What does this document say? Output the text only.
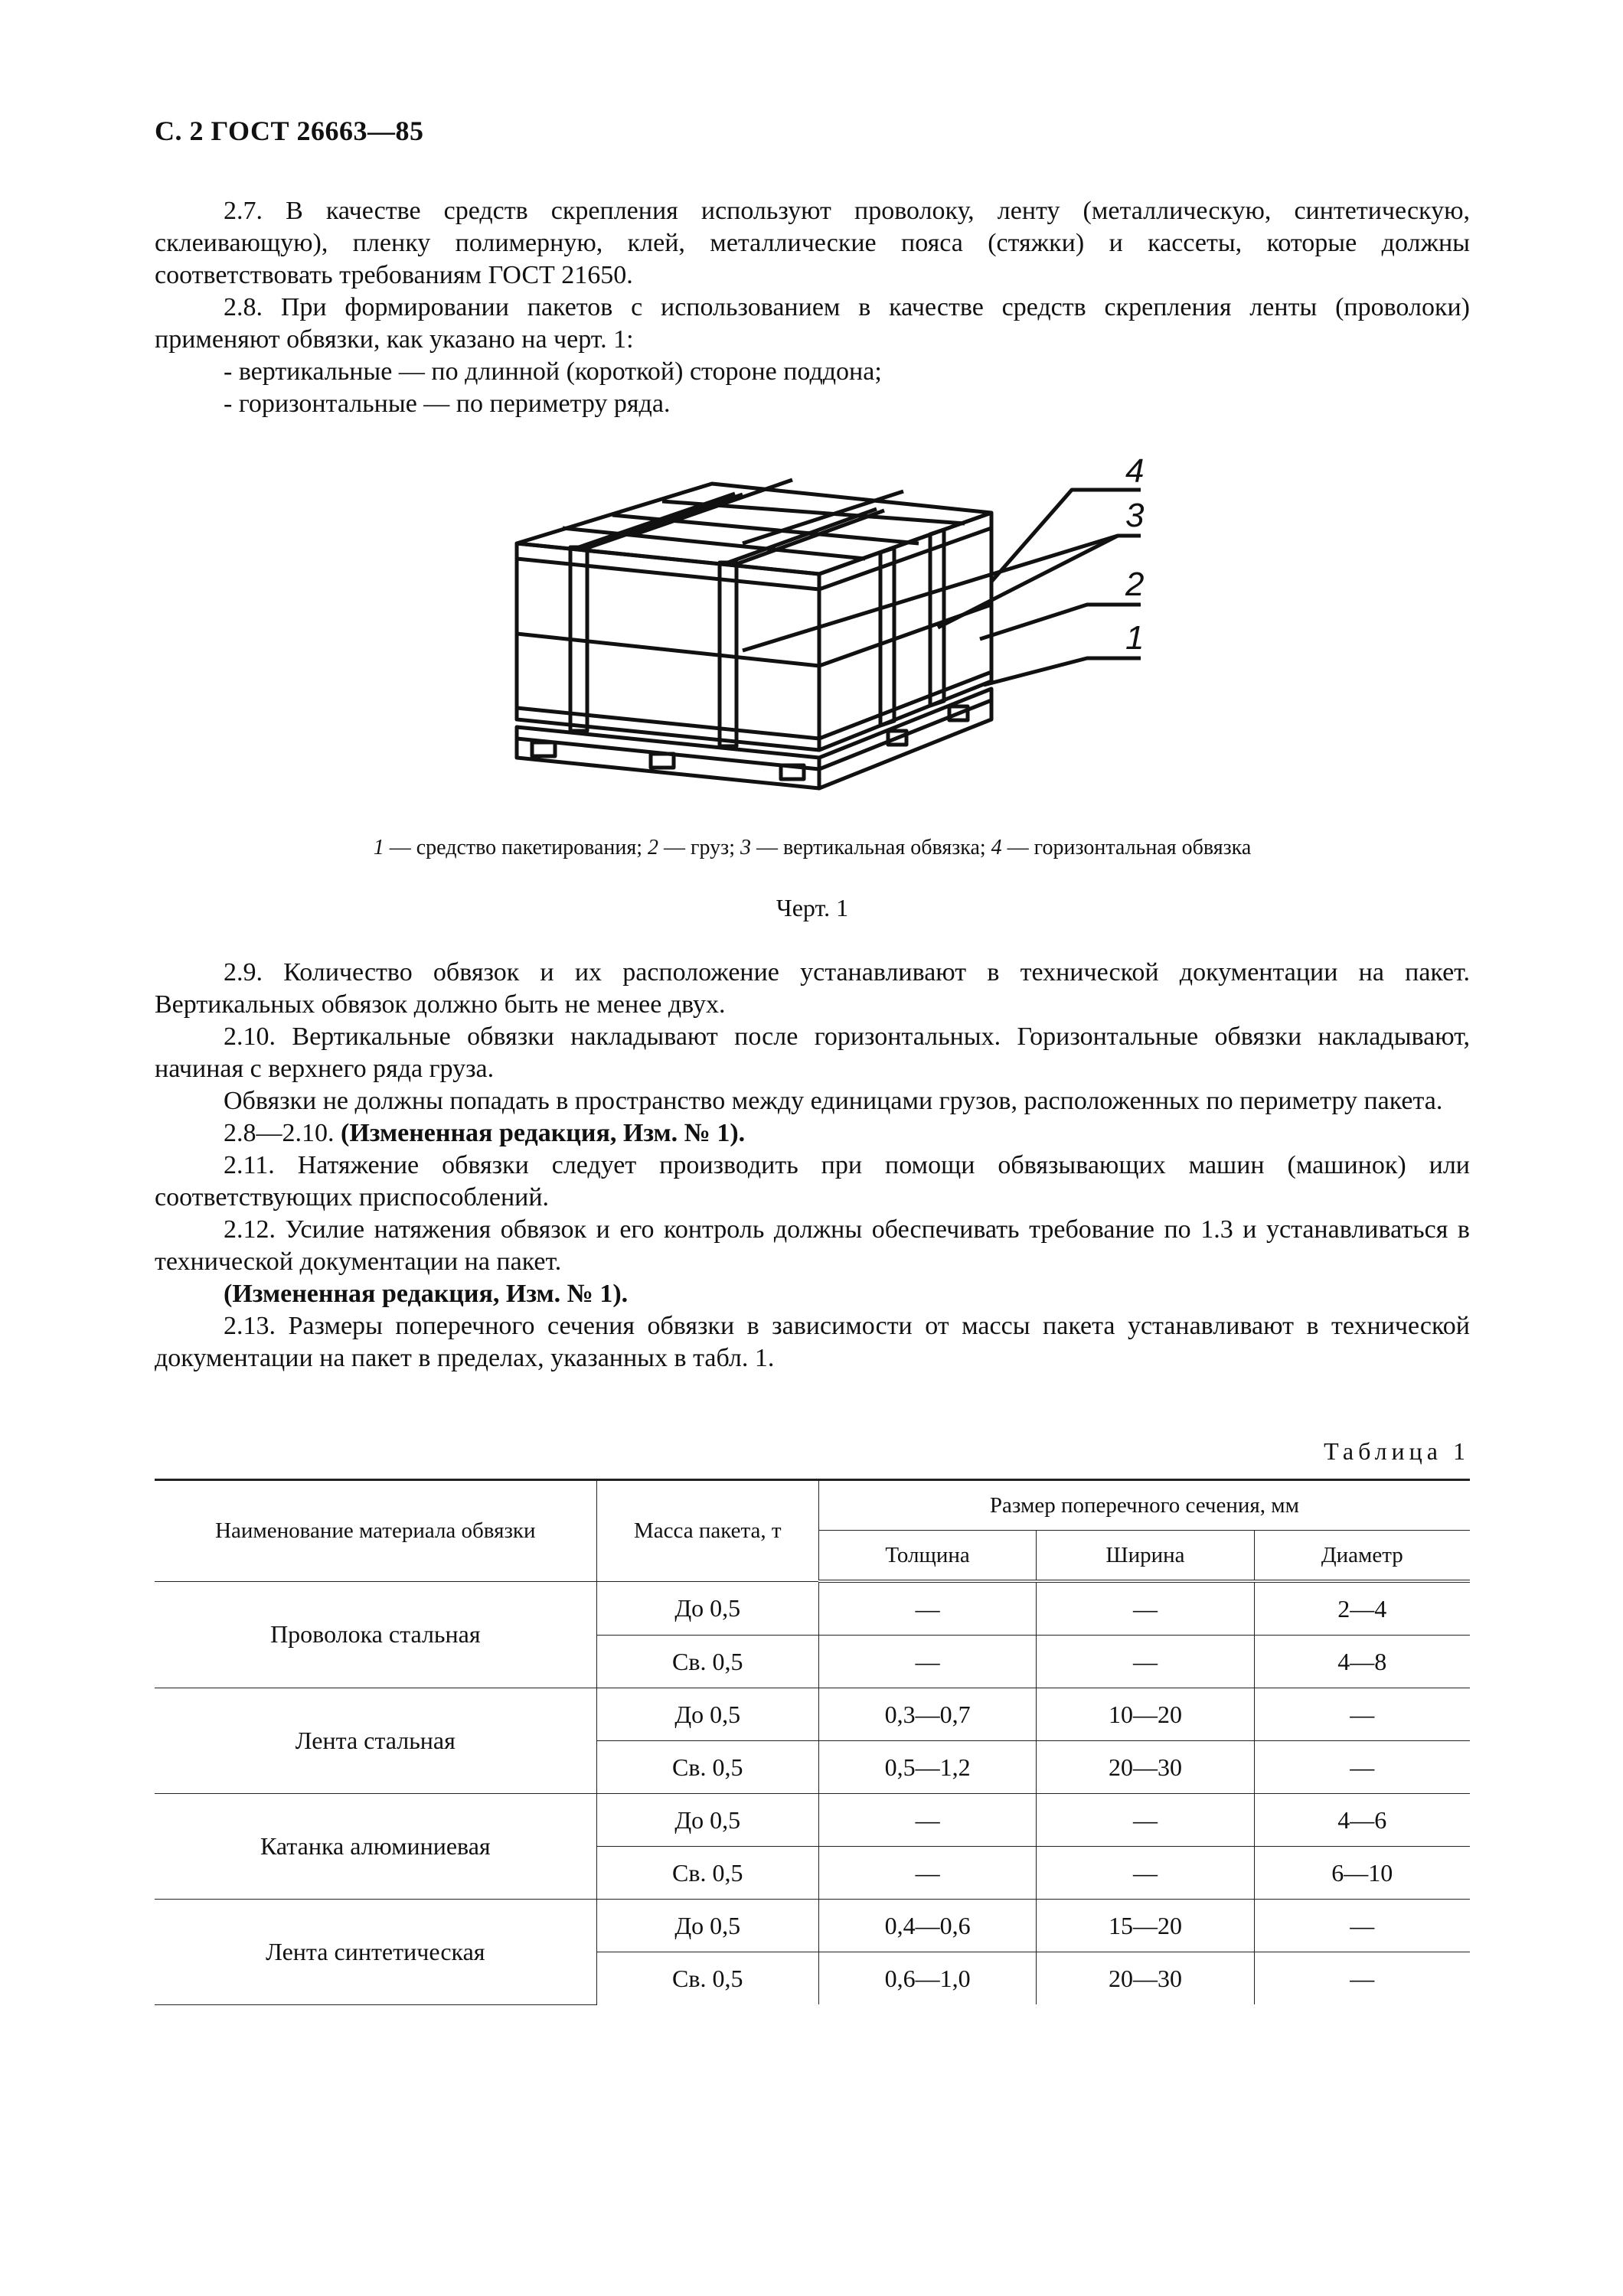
С. 2 ГОСТ 26663—85

2.7. В качестве средств скрепления используют проволоку, ленту (металлическую, синтетическую, склеивающую), пленку полимерную, клей, металлические пояса (стяжки) и кассеты, которые должны соответствовать требованиям ГОСТ 21650.

2.8. При формировании пакетов с использованием в качестве средств скрепления ленты (проволоки) применяют обвязки, как указано на черт. 1:

- вертикальные — по длинной (короткой) стороне поддона;

- горизонтальные — по периметру ряда.

4
3
2
1
1 — средство пакетирования; 2 — груз; 3 — вертикальная обвязка; 4 — горизонтальная обвязка
Черт. 1

2.9. Количество обвязок и их расположение устанавливают в технической документации на пакет. Вертикальных обвязок должно быть не менее двух.

2.10. Вертикальные обвязки накладывают после горизонтальных. Горизонтальные обвязки накладывают, начиная с верхнего ряда груза.

Обвязки не должны попадать в пространство между единицами грузов, расположенных по периметру пакета.

2.8—2.10. (Измененная редакция, Изм. № 1).

2.11. Натяжение обвязки следует производить при помощи обвязывающих машин (машинок) или соответствующих приспособлений.

2.12. Усилие натяжения обвязок и его контроль должны обеспечивать требование по 1.3 и устанавливаться в технической документации на пакет.

(Измененная редакция, Изм. № 1).

2.13. Размеры поперечного сечения обвязки в зависимости от массы пакета устанавливают в технической документации на пакет в пределах, указанных в табл. 1.

Таблица 1
Наименование материала обвязки	Масса пакета, т	Размер поперечного сечения, мм		
		Толщина	Ширина	Диаметр
Проволока стальная	До 0,5	—	—	2—4
	Св. 0,5	—	—	4—8
Лента стальная	До 0,5	0,3—0,7	10—20	—
	Св. 0,5	0,5—1,2	20—30	—
Катанка алюминиевая	До 0,5	—	—	4—6
	Св. 0,5	—	—	6—10
Лента синтетическая	До 0,5	0,4—0,6	15—20	—
	Св. 0,5	0,6—1,0	20—30	—
